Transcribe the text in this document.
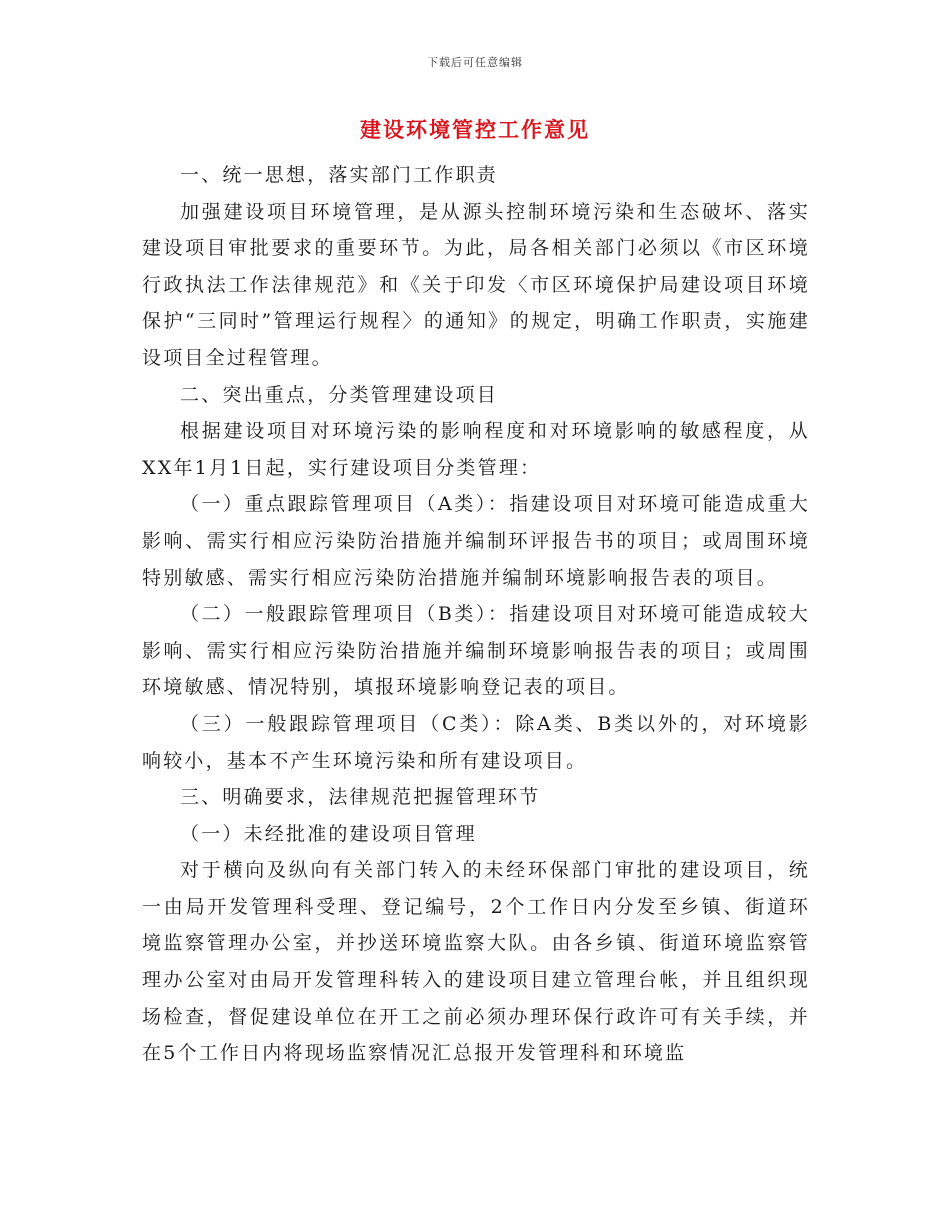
下载后可任意编辑
建设环境管控工作意见

一、统一思想，落实部门工作职责

加强建设项目环境管理，是从源头控制环境污染和生态破坏、落实建设项目审批要求的重要环节。为此，局各相关部门必须以《市区环境行政执法工作法律规范》和《关于印发〈市区环境保护局建设项目环境保护“三同时”管理运行规程〉的通知》的规定，明确工作职责，实施建设项目全过程管理。

二、突出重点，分类管理建设项目

根据建设项目对环境污染的影响程度和对环境影响的敏感程度，从XX年1月1日起，实行建设项目分类管理：

（一）重点跟踪管理项目（A类）：指建设项目对环境可能造成重大影响、需实行相应污染防治措施并编制环评报告书的项目；或周围环境特别敏感、需实行相应污染防治措施并编制环境影响报告表的项目。

（二）一般跟踪管理项目（B类）：指建设项目对环境可能造成较大影响、需实行相应污染防治措施并编制环境影响报告表的项目；或周围环境敏感、情况特别，填报环境影响登记表的项目。

（三）一般跟踪管理项目（C类）：除A类、B类以外的，对环境影响较小，基本不产生环境污染和所有建设项目。

三、明确要求，法律规范把握管理环节

（一）未经批准的建设项目管理

对于横向及纵向有关部门转入的未经环保部门审批的建设项目，统一由局开发管理科受理、登记编号，2个工作日内分发至乡镇、街道环境监察管理办公室，并抄送环境监察大队。由各乡镇、街道环境监察管理办公室对由局开发管理科转入的建设项目建立管理台帐，并且组织现场检查，督促建设单位在开工之前必须办理环保行政许可有关手续，并在5个工作日内将现场监察情况汇总报开发管理科和环境监
